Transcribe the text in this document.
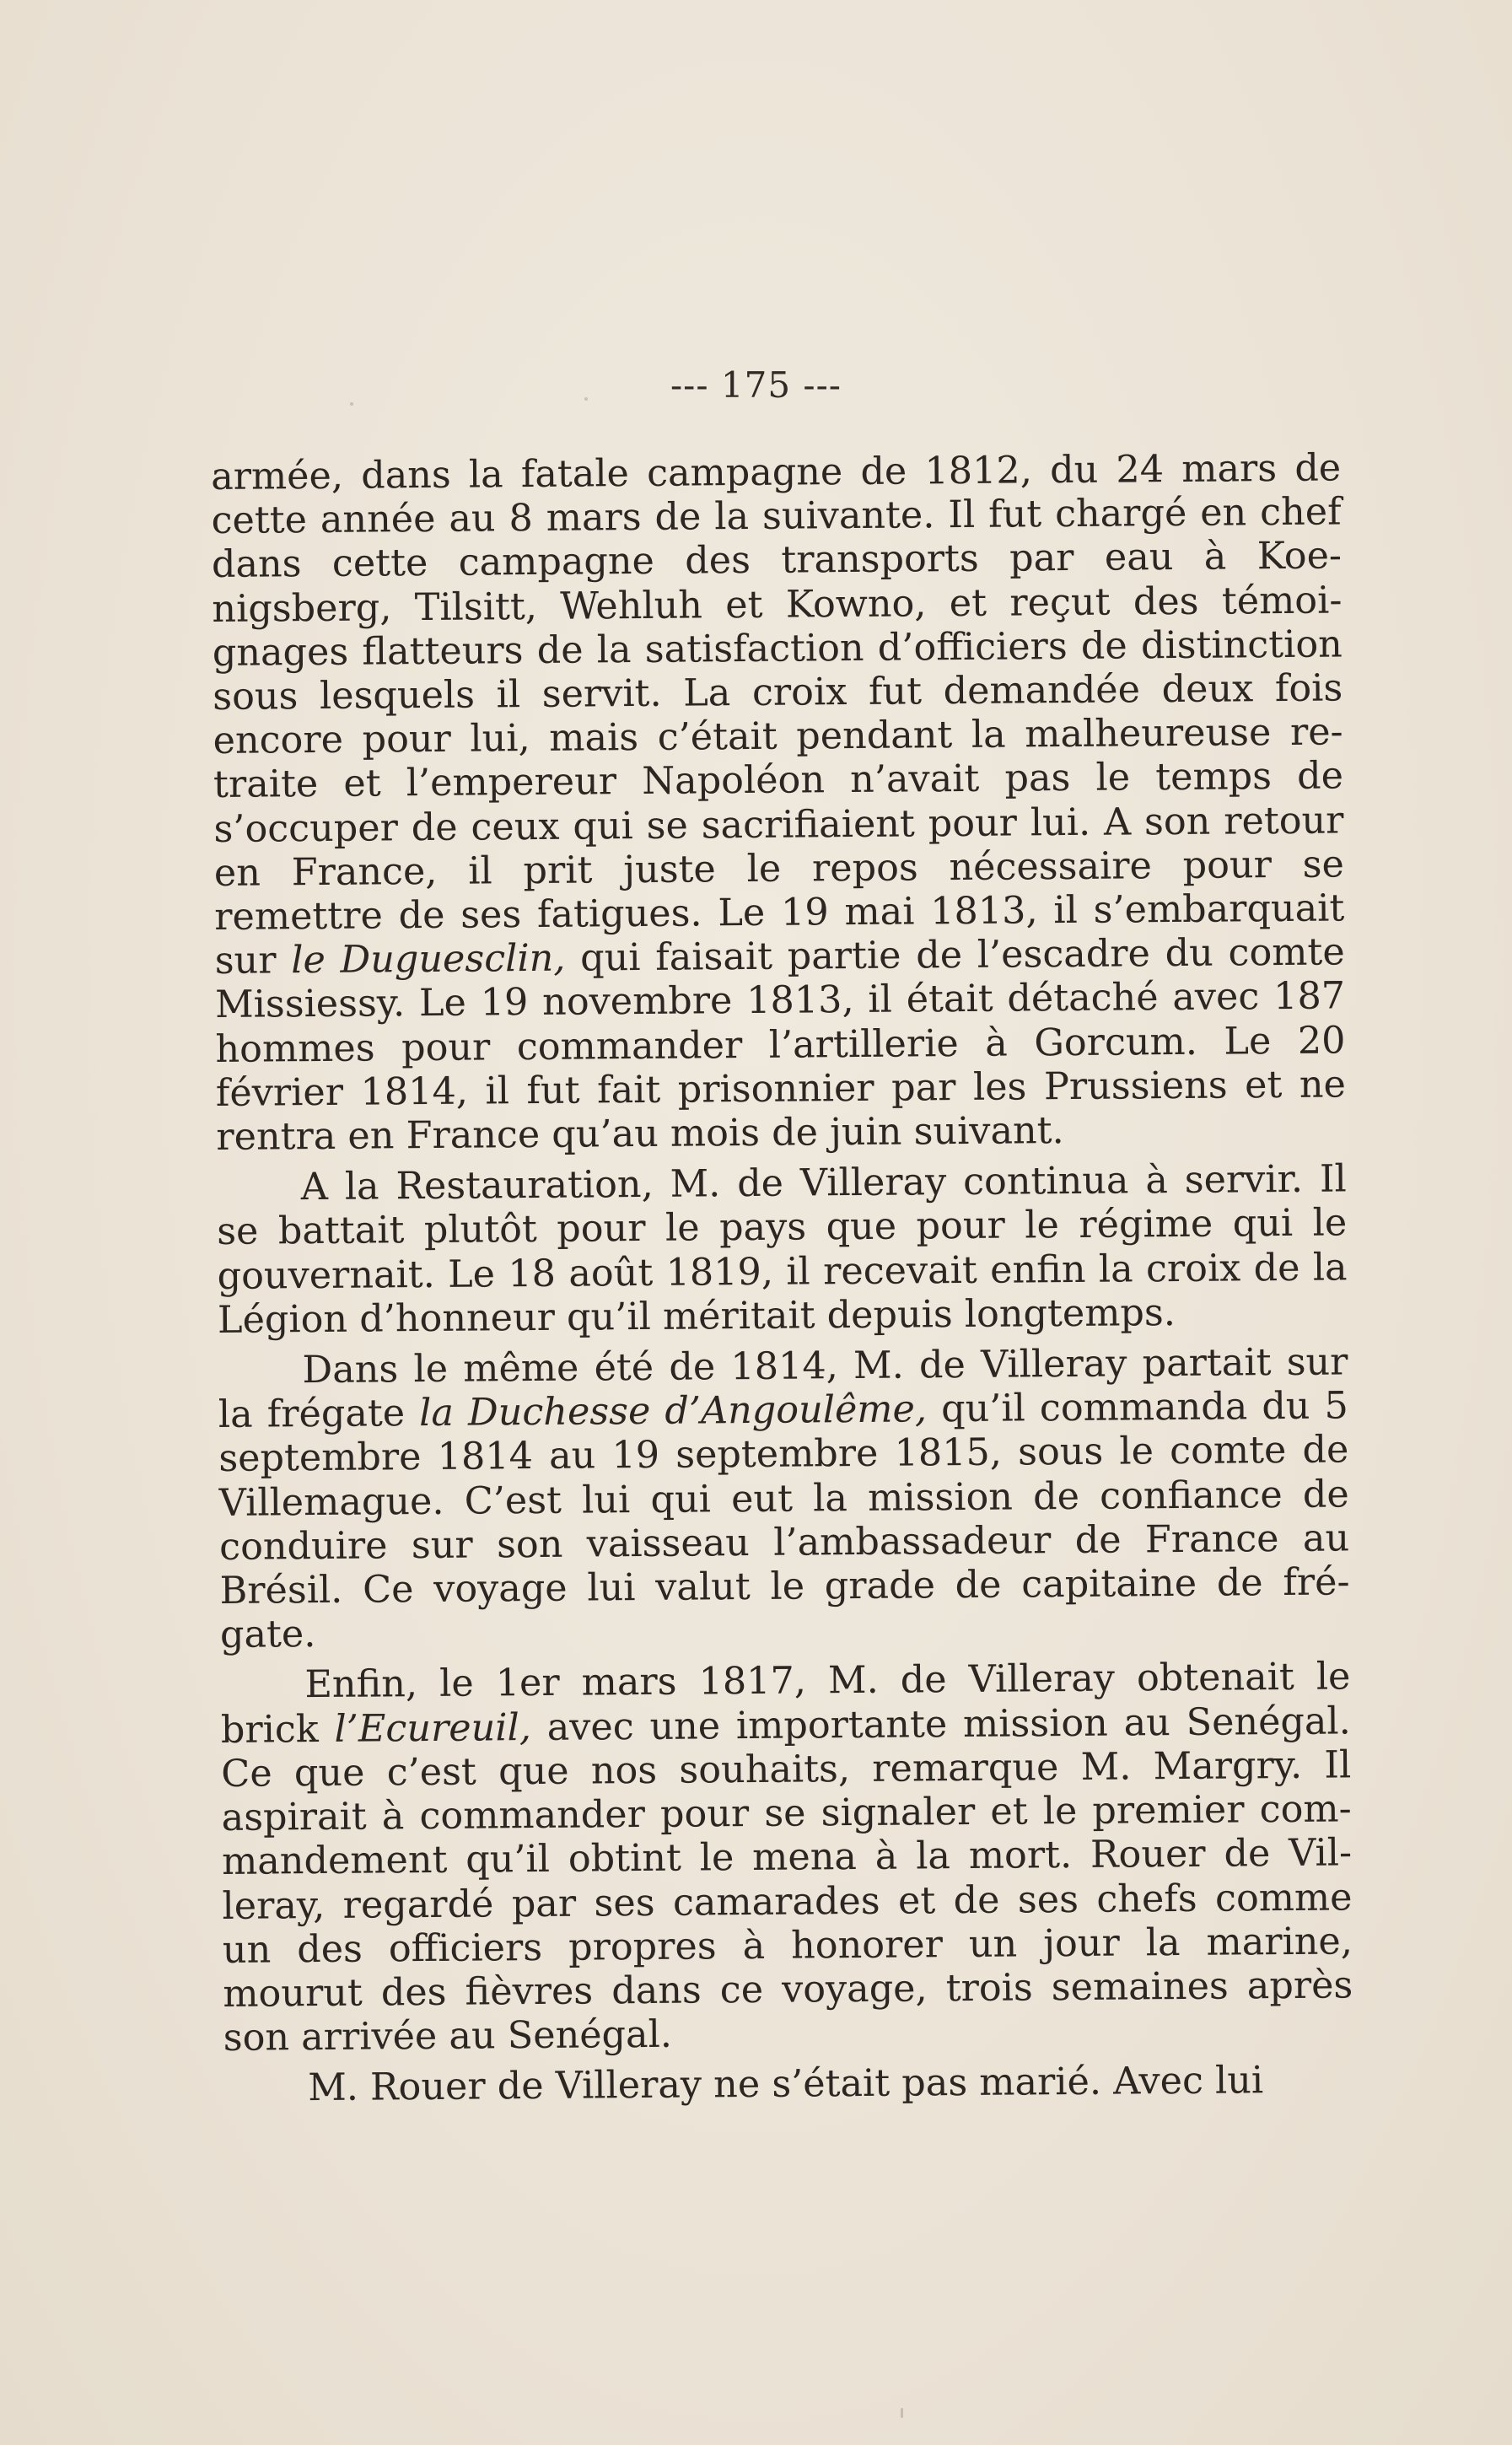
--- 175 ---

armée, dans la fatale campagne de 1812, du 24 mars de cette année au 8 mars de la suivante. Il fut chargé en chef dans cette campagne des transports par eau à Koenigsberg, Tilsitt, Wehluh et Kowno, et reçut des témoignages flatteurs de la satisfaction d’officiers de distinction sous lesquels il servit. La croix fut demandée deux fois encore pour lui, mais c’était pendant la malheureuse retraite et l’empereur Napoléon n’avait pas le temps de s’occuper de ceux qui se sacrifiaient pour lui. A son retour en France, il prit juste le repos nécessaire pour se remettre de ses fatigues. Le 19 mai 1813, il s’embarquait sur le Duguesclin, qui faisait partie de l’escadre du comte Missiessy. Le 19 novembre 1813, il était détaché avec 187 hommes pour commander l’artillerie à Gorcum. Le 20 février 1814, il fut fait prisonnier par les Prussiens et ne rentra en France qu’au mois de juin suivant.

A la Restauration, M. de Villeray continua à servir. Il se battait plutôt pour le pays que pour le régime qui le gouvernait. Le 18 août 1819, il recevait enfin la croix de la Légion d’honneur qu’il méritait depuis longtemps.

Dans le même été de 1814, M. de Villeray partait sur la frégate la Duchesse d’Angoulême, qu’il commanda du 5 septembre 1814 au 19 septembre 1815, sous le comte de Villemague. C’est lui qui eut la mission de confiance de conduire sur son vaisseau l’ambassadeur de France au Brésil. Ce voyage lui valut le grade de capitaine de frégate.

Enfin, le 1er mars 1817, M. de Villeray obtenait le brick l’Ecureuil, avec une importante mission au Senégal. Ce que c’est que nos souhaits, remarque M. Margry. Il aspirait à commander pour se signaler et le premier commandement qu’il obtint le mena à la mort. Rouer de Villeray, regardé par ses camarades et de ses chefs comme un des officiers propres à honorer un jour la marine, mourut des fièvres dans ce voyage, trois semaines après son arrivée au Senégal.

M. Rouer de Villeray ne s’était pas marié. Avec lui
